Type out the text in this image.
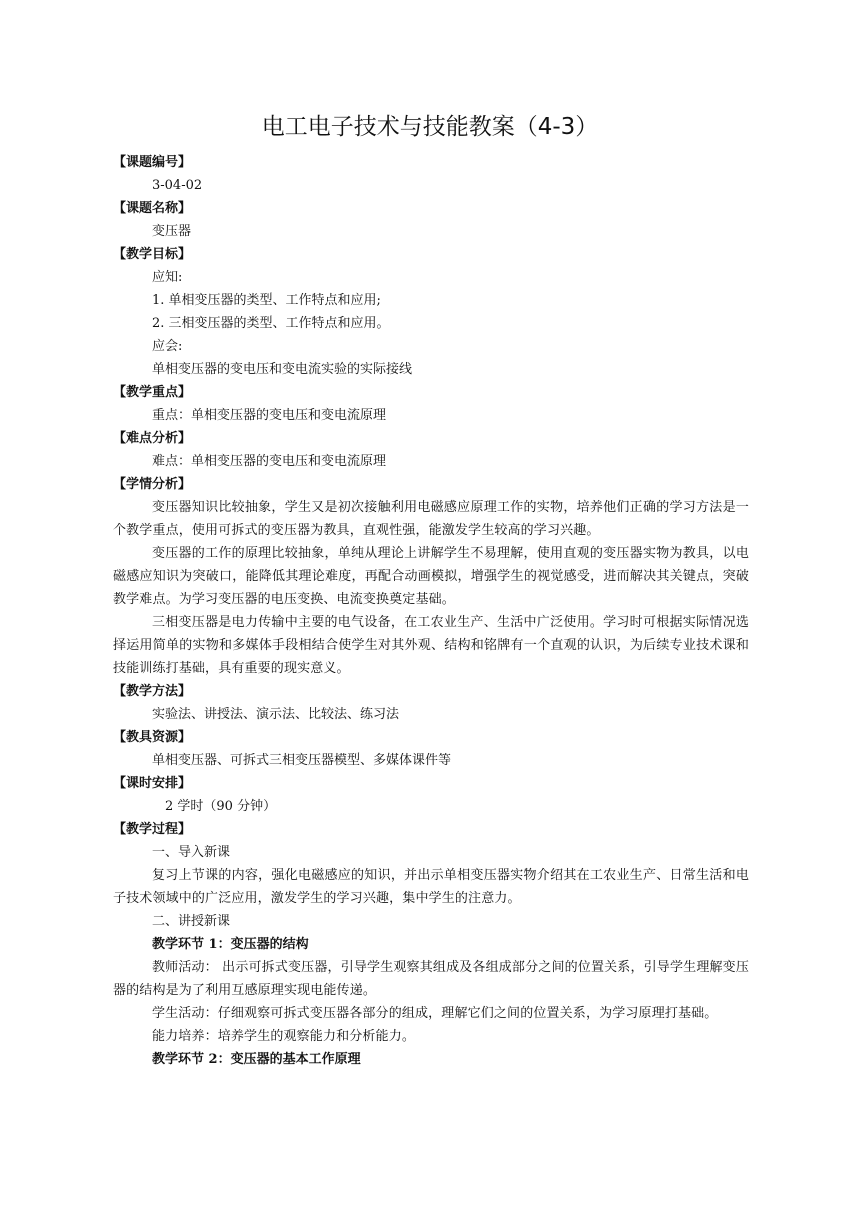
电工电子技术与技能教案（4-3）
【课题编号】
3-04-02
【课题名称】
变压器
【教学目标】
应知:
1. 单相变压器的类型、工作特点和应用;
2. 三相变压器的类型、工作特点和应用。
应会:
单相变压器的变电压和变电流实验的实际接线
【教学重点】
重点：单相变压器的变电压和变电流原理
【难点分析】
难点：单相变压器的变电压和变电流原理
【学情分析】

变压器知识比较抽象，学生又是初次接触利用电磁感应原理工作的实物，培养他们正确的学习方法是一个教学重点，使用可拆式的变压器为教具，直观性强，能激发学生较高的学习兴趣。

变压器的工作的原理比较抽象，单纯从理论上讲解学生不易理解，使用直观的变压器实物为教具，以电磁感应知识为突破口，能降低其理论难度，再配合动画模拟，增强学生的视觉感受，进而解决其关键点，突破教学难点。为学习变压器的电压变换、电流变换奠定基础。

三相变压器是电力传输中主要的电气设备，在工农业生产、生活中广泛使用。学习时可根据实际情况选择运用简单的实物和多媒体手段相结合使学生对其外观、结构和铭牌有一个直观的认识，为后续专业技术课和技能训练打基础，具有重要的现实意义。

【教学方法】
实验法、讲授法、演示法、比较法、练习法
【教具资源】
单相变压器、可拆式三相变压器模型、多媒体课件等
【课时安排】
2 学时（90 分钟）
【教学过程】
一、导入新课

复习上节课的内容，强化电磁感应的知识，并出示单相变压器实物介绍其在工农业生产、日常生活和电子技术领域中的广泛应用，激发学生的学习兴趣，集中学生的注意力。

二、讲授新课
教学环节 1：变压器的结构

教师活动： 出示可拆式变压器，引导学生观察其组成及各组成部分之间的位置关系，引导学生理解变压器的结构是为了利用互感原理实现电能传递。

学生活动：仔细观察可拆式变压器各部分的组成，理解它们之间的位置关系，为学习原理打基础。

能力培养：培养学生的观察能力和分析能力。

教学环节 2：变压器的基本工作原理
